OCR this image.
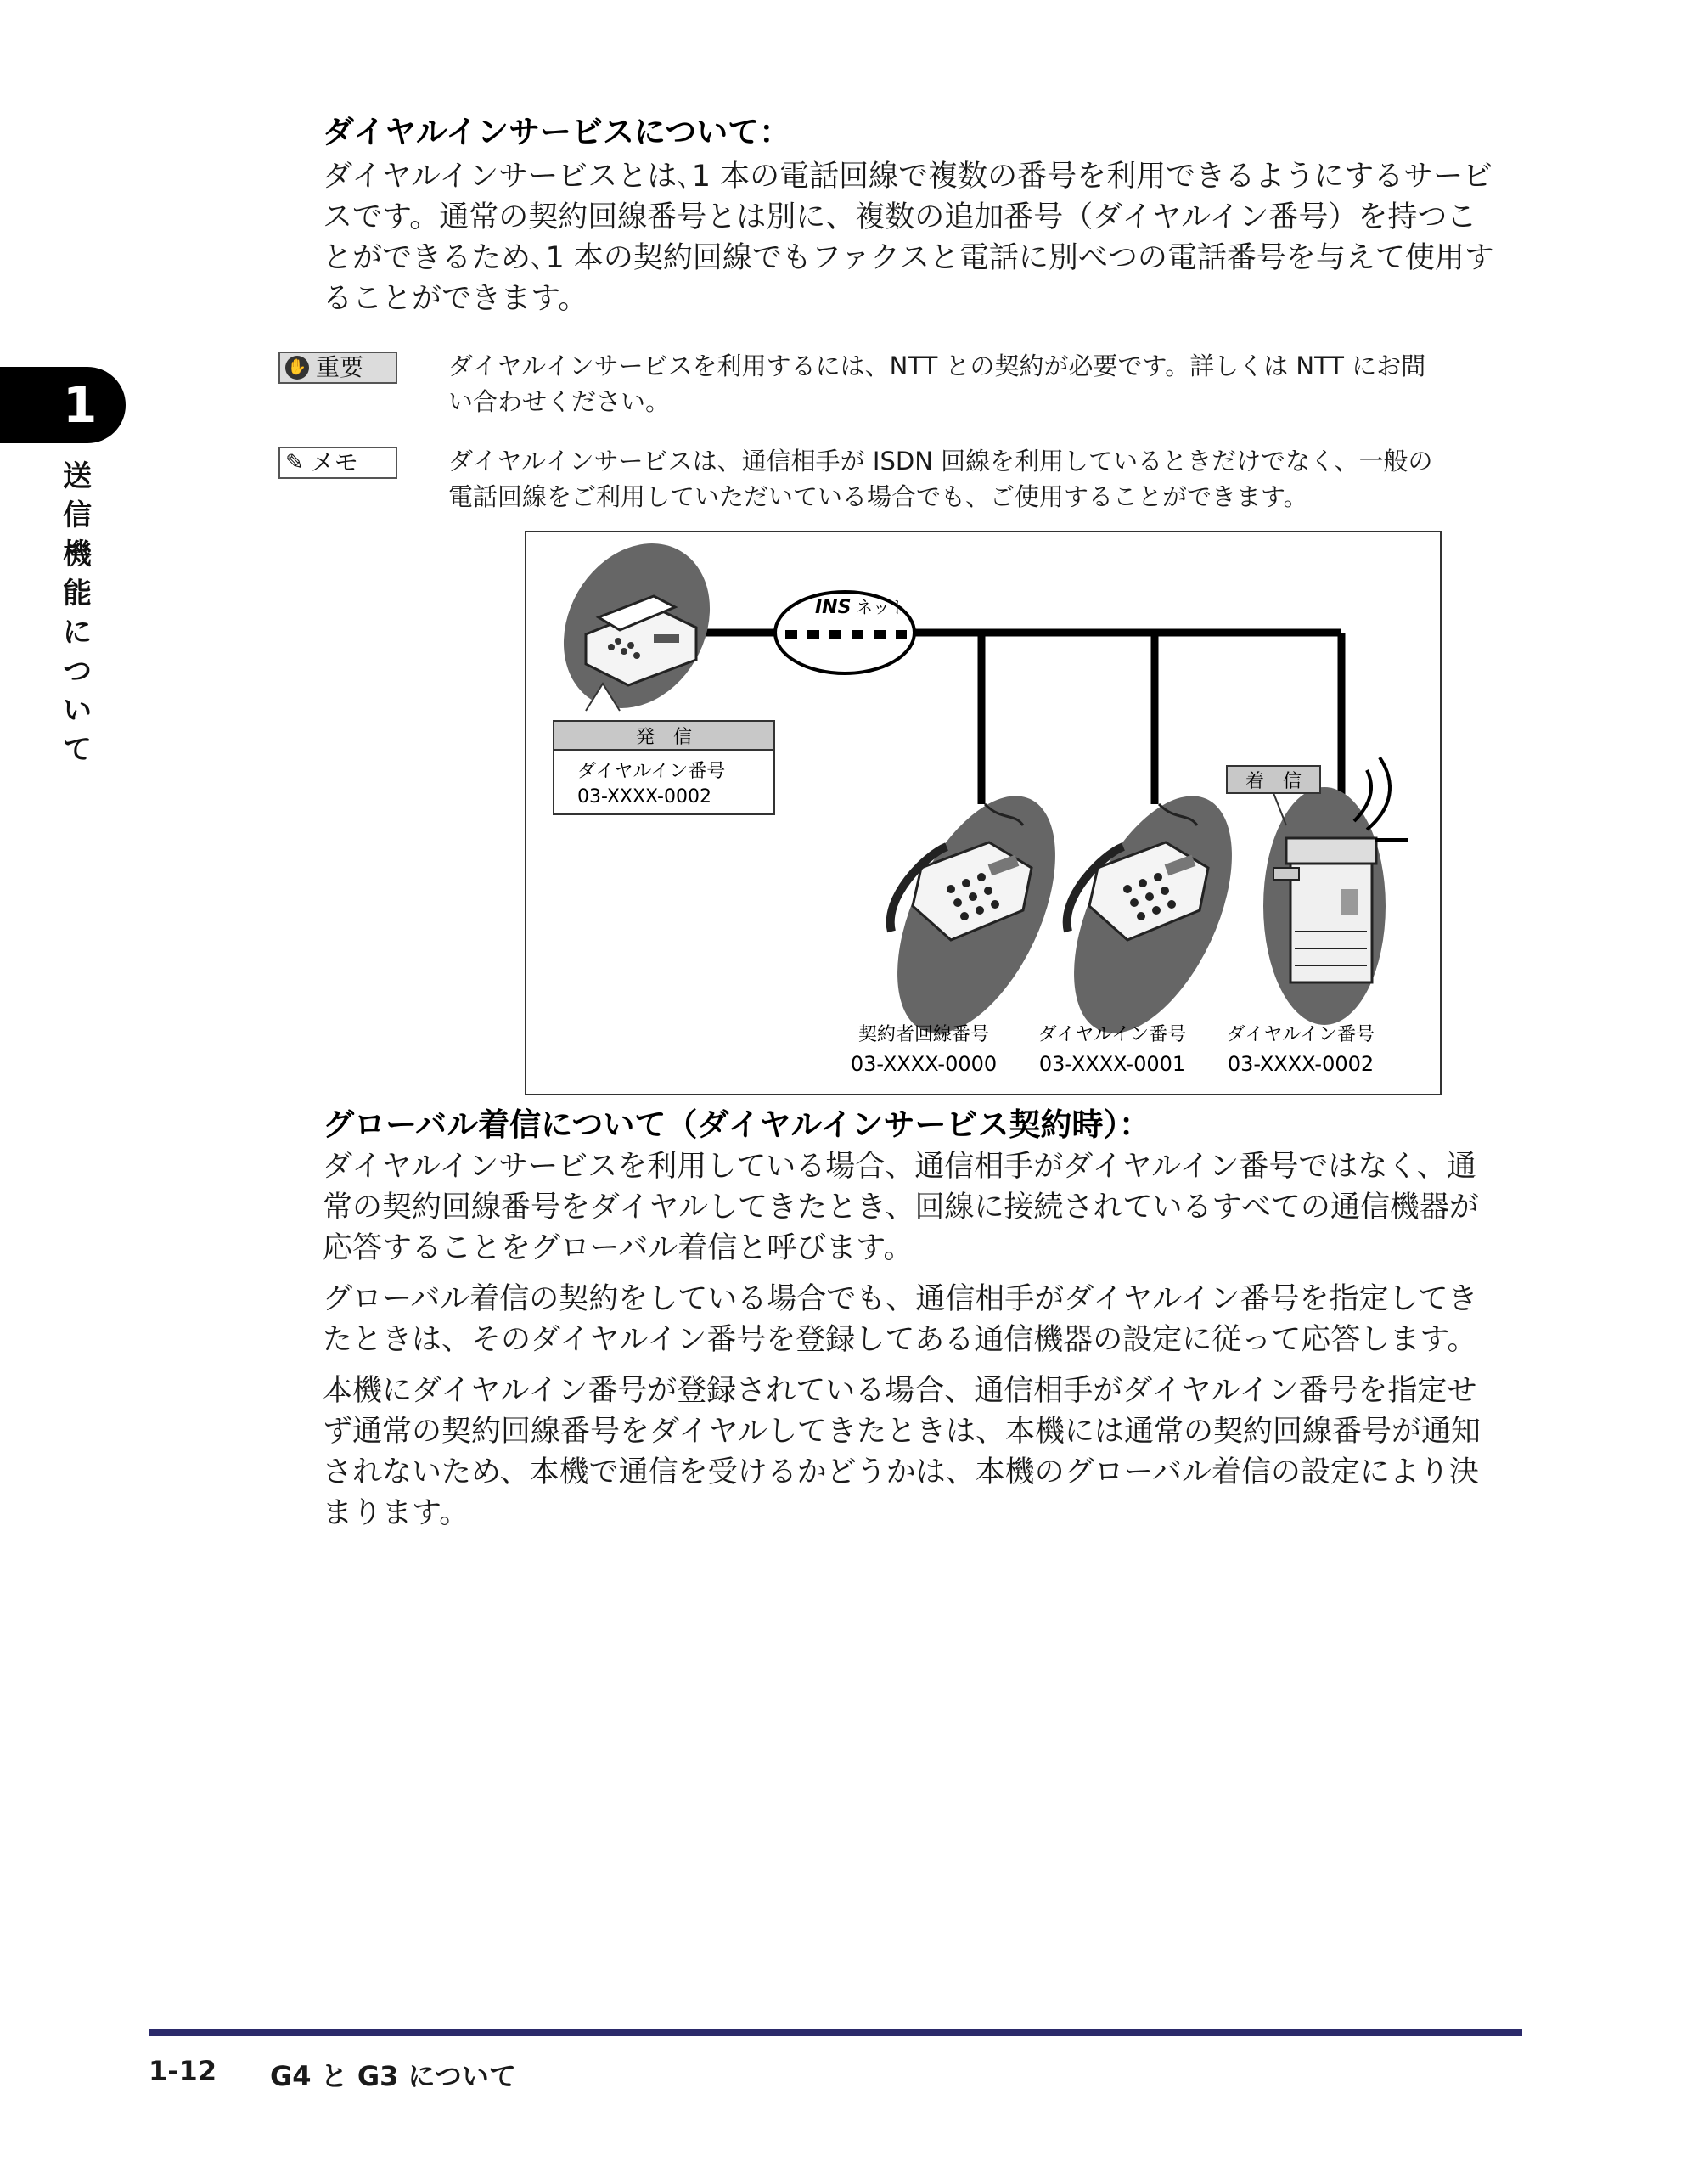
1
送信機能について
ダイヤルインサービスについて：
ダイヤルインサービスとは､1 本の電話回線で複数の番号を利用できるようにするサービ
スです。通常の契約回線番号とは別に、複数の追加番号（ダイヤルイン番号）を持つこ
とができるため､1 本の契約回線でもファクスと電話に別べつの電話番号を与えて使用す
ることができます。
✋ 重要	ダイヤルインサービスを利用するには、NTT との契約が必要です。詳しくは NTT にお問
い合わせください。
✎ メモ	ダイヤルインサービスは、通信相手が ISDN 回線を利用しているときだけでなく、一般の
電話回線をご利用していただいている場合でも、ご使用することができます。
INS ネット
発　信
ダイヤルイン番号
03-XXXX-0002
着　信
契約者回線番号
03-XXXX-0000
ダイヤルイン番号
03-XXXX-0001
ダイヤルイン番号
03-XXXX-0002
グローバル着信について（ダイヤルインサービス契約時）：
ダイヤルインサービスを利用している場合、通信相手がダイヤルイン番号ではなく、通
常の契約回線番号をダイヤルしてきたとき、回線に接続されているすべての通信機器が
応答することをグローバル着信と呼びます。
グローバル着信の契約をしている場合でも、通信相手がダイヤルイン番号を指定してき
たときは、そのダイヤルイン番号を登録してある通信機器の設定に従って応答します。
本機にダイヤルイン番号が登録されている場合、通信相手がダイヤルイン番号を指定せ
ず通常の契約回線番号をダイヤルしてきたときは、本機には通常の契約回線番号が通知
されないため、本機で通信を受けるかどうかは、本機のグローバル着信の設定により決
まります。
1-12 G4 と G3 について
